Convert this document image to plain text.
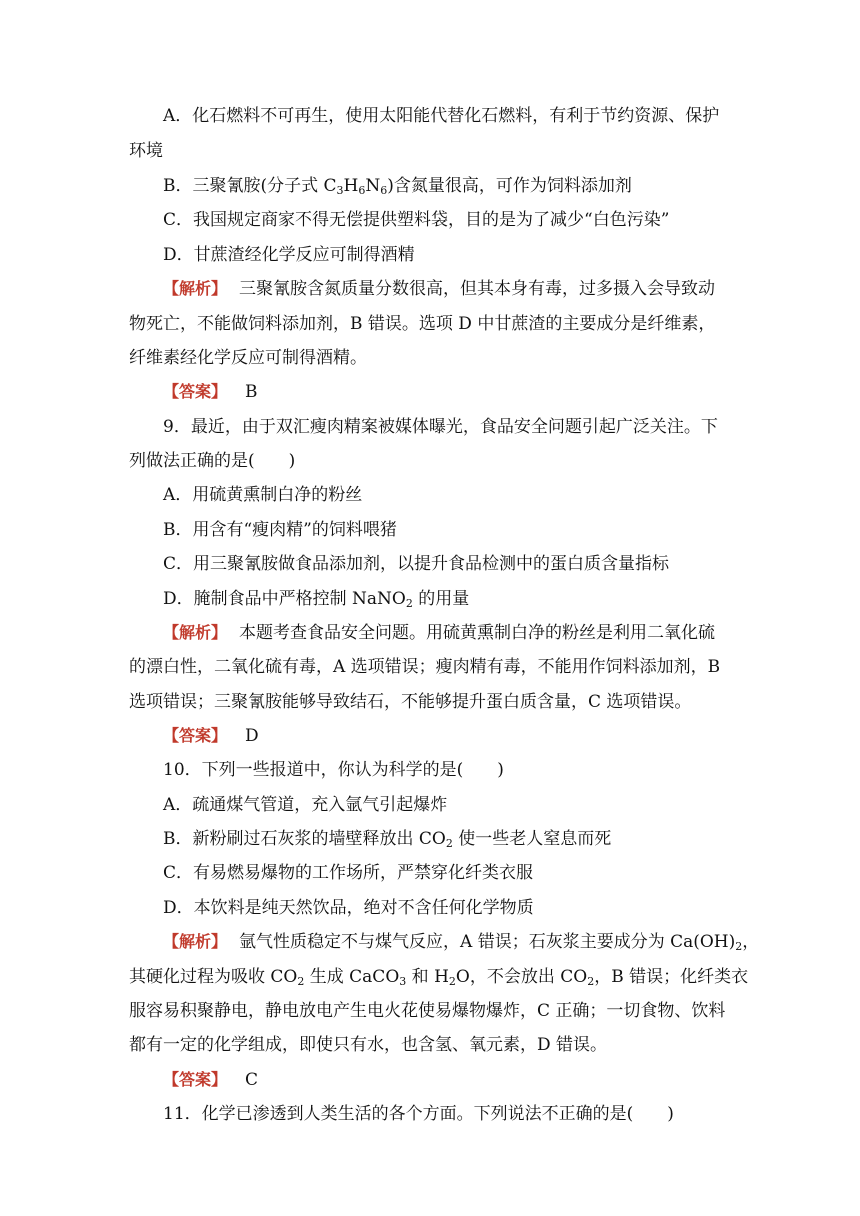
A．化石燃料不可再生，使用太阳能代替化石燃料，有利于节约资源、保护
环境
B．三聚氰胺(分子式 $C_3H_6N_6$)含氮量很高，可作为饲料添加剂
C．我国规定商家不得无偿提供塑料袋，目的是为了减少“白色污染”
D．甘蔗渣经化学反应可制得酒精
【解析】 三聚氰胺含氮质量分数很高，但其本身有毒，过多摄入会导致动
物死亡，不能做饲料添加剂，B 错误。选项 D 中甘蔗渣的主要成分是纤维素，
纤维素经化学反应可制得酒精。
【答案】 B
9．最近，由于双汇瘦肉精案被媒体曝光，食品安全问题引起广泛关注。下
列做法正确的是(　　)
A．用硫黄熏制白净的粉丝
B．用含有“瘦肉精”的饲料喂猪
C．用三聚氰胺做食品添加剂，以提升食品检测中的蛋白质含量指标
D．腌制食品中严格控制 NaNO$_2$ 的用量
【解析】 本题考查食品安全问题。用硫黄熏制白净的粉丝是利用二氧化硫
的漂白性，二氧化硫有毒，A 选项错误；瘦肉精有毒，不能用作饲料添加剂，B
选项错误；三聚氰胺能够导致结石，不能够提升蛋白质含量，C 选项错误。
【答案】 D
10．下列一些报道中，你认为科学的是(　　)
A．疏通煤气管道，充入氩气引起爆炸
B．新粉刷过石灰浆的墙壁释放出 $CO_2$ 使一些老人窒息而死
C．有易燃易爆物的工作场所，严禁穿化纤类衣服
D．本饮料是纯天然饮品，绝对不含任何化学物质
【解析】 氩气性质稳定不与煤气反应，A 错误；石灰浆主要成分为 $Ca(OH)_2$，
其硬化过程为吸收 $CO_2$ 生成 CaCO$_3$ 和 $H_2O$，不会放出 $CO_2$，B 错误；化纤类衣
服容易积聚静电，静电放电产生电火花使易爆物爆炸，C 正确；一切食物、饮料
都有一定的化学组成，即使只有水，也含氢、氧元素，D 错误。
【答案】 C
11．化学已渗透到人类生活的各个方面。下列说法不正确的是(　　)
